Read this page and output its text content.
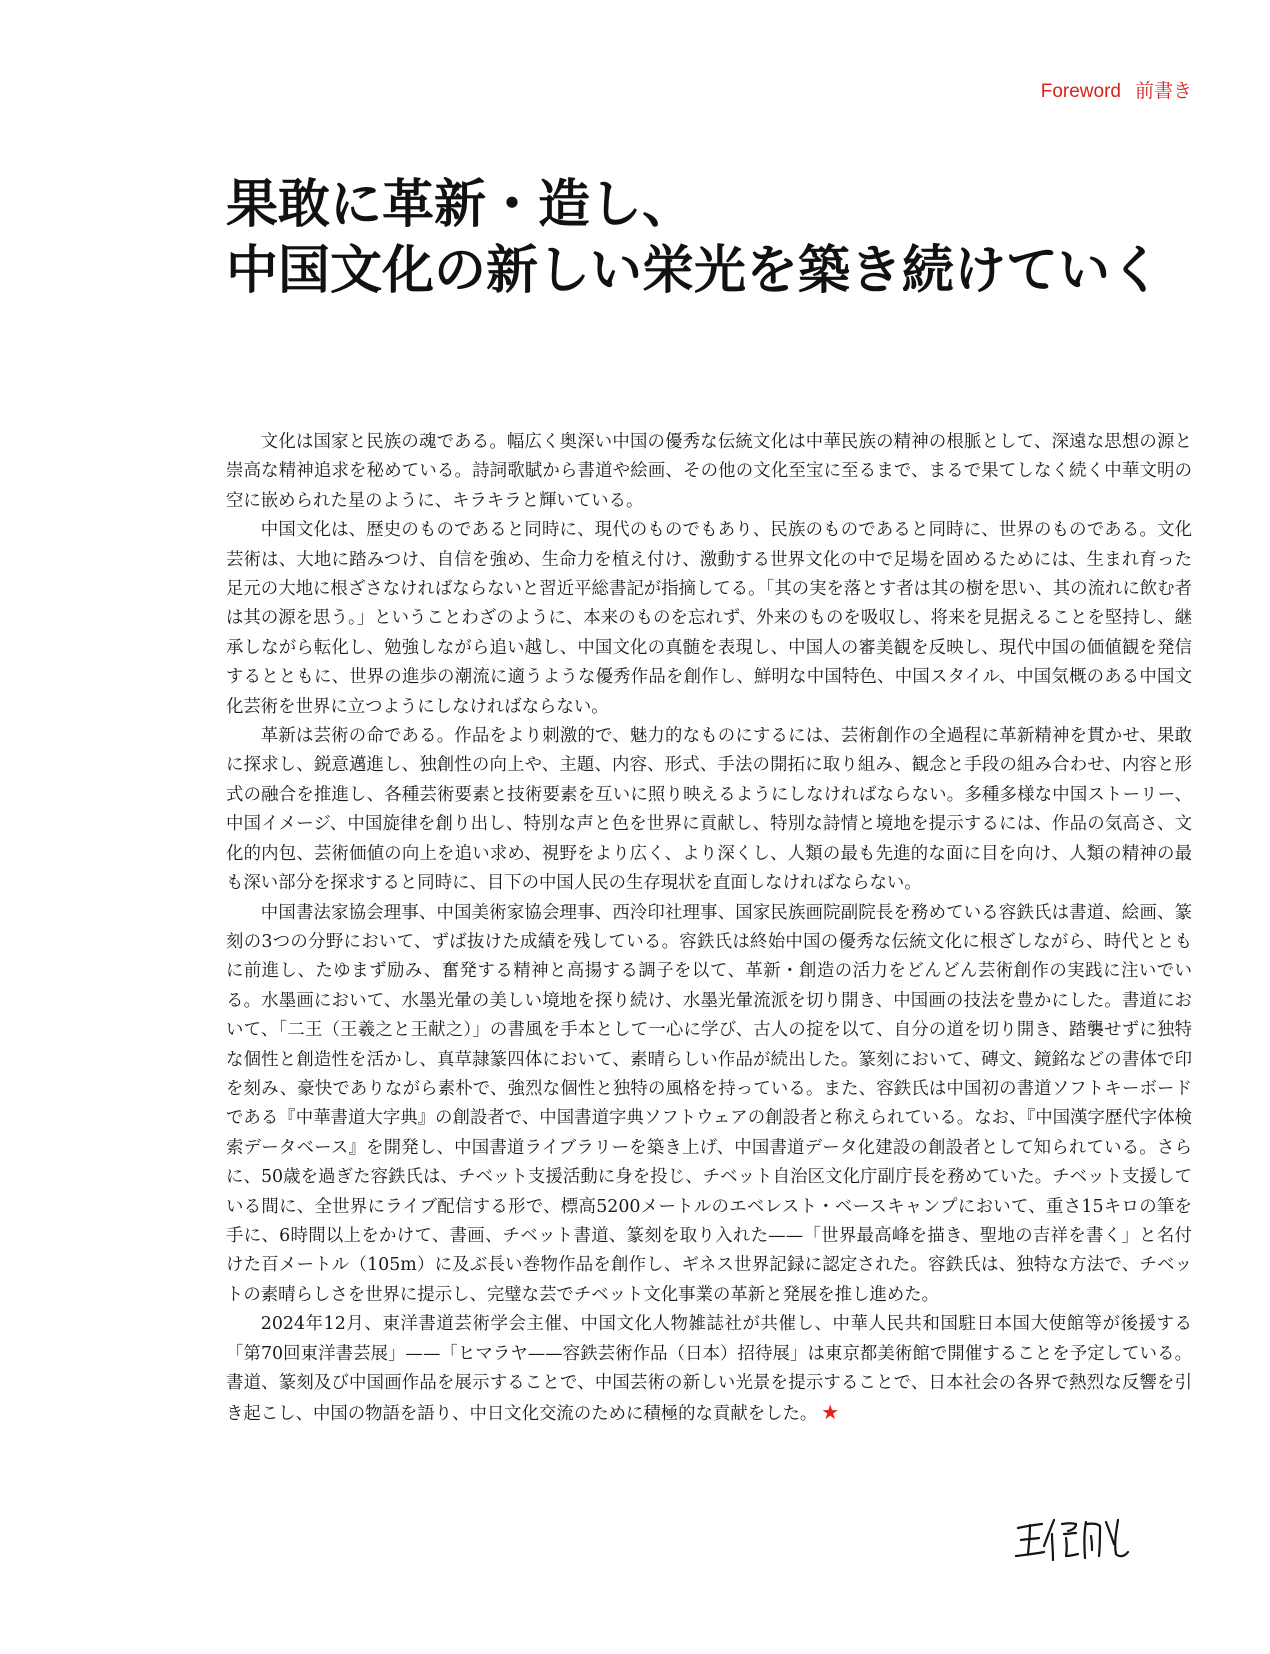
Foreword 前書き
果敢に革新・造し、
中国文化の新しい栄光を築き続けていく

文化は国家と民族の魂である。幅広く奥深い中国の優秀な伝統文化は中華民族の精神の根脈として、深遠な思想の源と崇高な精神追求を秘めている。詩詞歌賦から書道や絵画、その他の文化至宝に至るまで、まるで果てしなく続く中華文明の空に嵌められた星のように、キラキラと輝いている。

中国文化は、歴史のものであると同時に、現代のものでもあり、民族のものであると同時に、世界のものである。文化芸術は、大地に踏みつけ、自信を強め、生命力を植え付け、激動する世界文化の中で足場を固めるためには、生まれ育った足元の大地に根ざさなければならないと習近平総書記が指摘してる。「其の実を落とす者は其の樹を思い、其の流れに飲む者は其の源を思う。」ということわざのように、本来のものを忘れず、外来のものを吸収し、将来を見据えることを堅持し、継承しながら転化し、勉強しながら追い越し、中国文化の真髄を表現し、中国人の審美観を反映し、現代中国の価値観を発信するとともに、世界の進歩の潮流に適うような優秀作品を創作し、鮮明な中国特色、中国スタイル、中国気概のある中国文化芸術を世界に立つようにしなければならない。

革新は芸術の命である。作品をより刺激的で、魅力的なものにするには、芸術創作の全過程に革新精神を貫かせ、果敢に探求し、鋭意邁進し、独創性の向上や、主題、内容、形式、手法の開拓に取り組み、観念と手段の組み合わせ、内容と形式の融合を推進し、各種芸術要素と技術要素を互いに照り映えるようにしなければならない。多種多様な中国ストーリー、中国イメージ、中国旋律を創り出し、特別な声と色を世界に貢献し、特別な詩情と境地を提示するには、作品の気高さ、文化的内包、芸術価値の向上を追い求め、視野をより広く、より深くし、人類の最も先進的な面に目を向け、人類の精神の最も深い部分を探求すると同時に、目下の中国人民の生存現状を直面しなければならない。

中国書法家協会理事、中国美術家協会理事、西泠印社理事、国家民族画院副院長を務めている容鉄氏は書道、絵画、篆刻の3つの分野において、ずば抜けた成績を残している。容鉄氏は終始中国の優秀な伝統文化に根ざしながら、時代とともに前進し、たゆまず励み、奮発する精神と高揚する調子を以て、革新・創造の活力をどんどん芸術創作の実践に注いでいる。水墨画において、水墨光暈の美しい境地を探り続け、水墨光暈流派を切り開き、中国画の技法を豊かにした。書道において、「二王（王羲之と王献之）」の書風を手本として一心に学び、古人の掟を以て、自分の道を切り開き、踏襲せずに独特な個性と創造性を活かし、真草隷篆四体において、素晴らしい作品が続出した。篆刻において、磚文、鏡銘などの書体で印を刻み、豪快でありながら素朴で、強烈な個性と独特の風格を持っている。また、容鉄氏は中国初の書道ソフトキーボードである『中華書道大字典』の創設者で、中国書道字典ソフトウェアの創設者と称えられている。なお、『中国漢字歴代字体検索データベース』を開発し、中国書道ライブラリーを築き上げ、中国書道データ化建設の創設者として知られている。さらに、50歳を過ぎた容鉄氏は、チベット支援活動に身を投じ、チベット自治区文化庁副庁長を務めていた。チベット支援している間に、全世界にライブ配信する形で、標高5200メートルのエベレスト・ベースキャンプにおいて、重さ15キロの筆を手に、6時間以上をかけて、書画、チベット書道、篆刻を取り入れた——「世界最高峰を描き、聖地の吉祥を書く」と名付けた百メートル（105m）に及ぶ長い巻物作品を創作し、ギネス世界記録に認定された。容鉄氏は、独特な方法で、チベットの素晴らしさを世界に提示し、完璧な芸でチベット文化事業の革新と発展を推し進めた。

2024年12月、東洋書道芸術学会主催、中国文化人物雑誌社が共催し、中華人民共和国駐日本国大使館等が後援する「第70回東洋書芸展」——「ヒマラヤ——容鉄芸術作品（日本）招待展」は東京都美術館で開催することを予定している。書道、篆刻及び中国画作品を展示することで、中国芸術の新しい光景を提示することで、日本社会の各界で熱烈な反響を引き起こし、中国の物語を語り、中日文化交流のために積極的な貢献をした。 ★
